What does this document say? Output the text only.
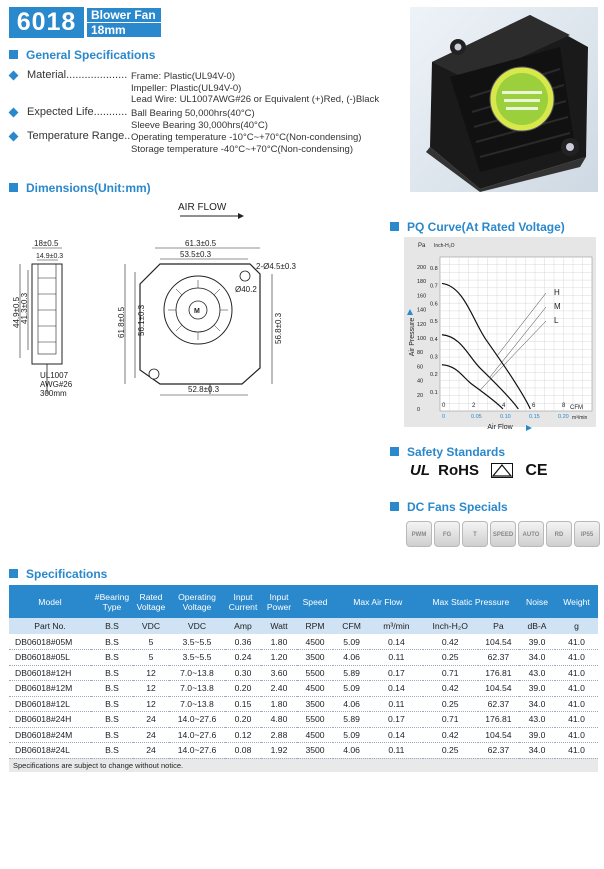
6018	Blower Fan
18mm thick
General Specifications
Material.................... Frame: Plastic(UL94V-0)
Impeller: Plastic(UL94V-0)
Lead Wire: UL1007AWG#26 or Equivalent (+)Red, (-)Black
Expected Life........... Ball Bearing 50,000hrs(40°C)
Sleeve Bearing 30,000hrs(40°C)
Temperature Range.. Operating temperature -10°C~+70°C(Non-condensing)
Storage temperature -40°C~+70°C(Non-condensing)
Dimensions(Unit:mm)
AIR FLOW
18±0.5
14.9±0.3
44.9±0.5 41.3±0.3
UL1007
AWG#26
300mm
M
61.3±0.5
53.5±0.3
2-Ø4.5±0.3
Ø40.2
61.8±0.5 56.1±0.3	56.8±0.3
52.8±0.3
PQ Curve(At Rated Voltage)
Air Pressure
Pa Inch-H₂O
CFM
m³/min
Air Flow
200
180
160
140
120
100
80
60
40
20
0
0.8
0.7
0.6
0.5
0.4
0.3
0.2
0.1
0	2	4	6	8
0	0.05	0.10	0.15	0.20
H
M
L
Safety Standards
UL RoHS	CE
DC Fans Specials
PWM	FG	T	SPEED	AUTO	RD	IP55
Specifications
Model	#Bearing Type	Rated Voltage	Operating Voltage	Input Current	Input Power	Speed	Max Air Flow		Max Static Pressure		Noise	Weight
Part No.	B.S	VDC	VDC	Amp	Watt	RPM	CFM	m³/min	Inch-H₂O	Pa	dB-A	g
DB06018#05M	B.S	5	3.5~5.5	0.36	1.80	4500	5.09	0.14	0.42	104.54	39.0	41.0
DB06018#05L	B.S	5	3.5~5.5	0.24	1.20	3500	4.06	0.11	0.25	62.37	34.0	41.0
DB06018#12H	B.S	12	7.0~13.8	0.30	3.60	5500	5.89	0.17	0.71	176.81	43.0	41.0
DB06018#12M	B.S	12	7.0~13.8	0.20	2.40	4500	5.09	0.14	0.42	104.54	39.0	41.0
DB06018#12L	B.S	12	7.0~13.8	0.15	1.80	3500	4.06	0.11	0.25	62.37	34.0	41.0
DB06018#24H	B.S	24	14.0~27.6	0.20	4.80	5500	5.89	0.17	0.71	176.81	43.0	41.0
DB06018#24M	B.S	24	14.0~27.6	0.12	2.88	4500	5.09	0.14	0.42	104.54	39.0	41.0
DB06018#24L	B.S	24	14.0~27.6	0.08	1.92	3500	4.06	0.11	0.25	62.37	34.0	41.0
Specifications are subject to change without notice.												
